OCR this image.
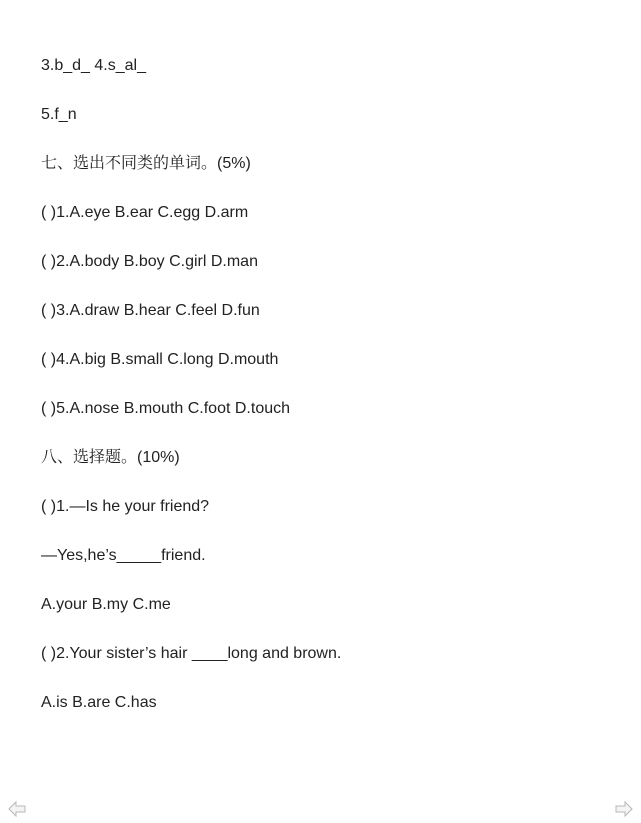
3.b_d_ 4.s_al_
5.f_n
七、选出不同类的单词。(5%)
( )1.A.eye B.ear C.egg D.arm
( )2.A.body B.boy C.girl D.man
( )3.A.draw B.hear C.feel D.fun
( )4.A.big B.small C.long D.mouth
( )5.A.nose B.mouth C.foot D.touch
八、选择题。(10%)
( )1.—Is he your friend?
—Yes,he’s_____friend.
A.your B.my C.me
( )2.Your sister’s hair ____long and brown.
A.is B.are C.has
